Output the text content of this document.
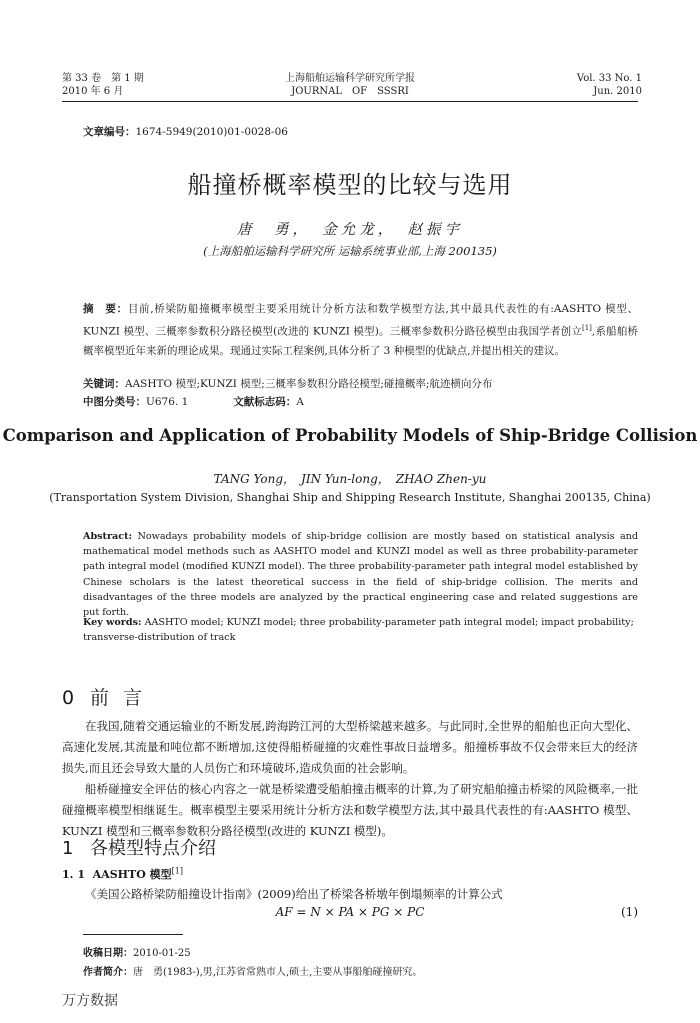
第 33 卷　第 1 期
2010 年 6 月
上海船舶运输科学研究所学报
JOURNAL　OF　SSSRI
Vol. 33 No. 1
Jun. 2010
文章编号：1674-5949(2010)01-0028-06
船撞桥概率模型的比较与选用
唐　勇，　金允龙，　赵振宇
(上海船舶运输科学研究所 运输系统事业部,上海 200135)
摘　要：目前,桥梁防船撞概率模型主要采用统计分析方法和数学模型方法,其中最具代表性的有:AASHTO 模型、KUNZI 模型、三概率参数积分路径模型(改进的 KUNZI 模型)。三概率参数积分路径模型由我国学者创立[1],系船舶桥概率模型近年来新的理论成果。现通过实际工程案例,具体分析了 3 种模型的优缺点,并提出相关的建议。
关键词：AASHTO 模型;KUNZI 模型;三概率参数积分路径模型;碰撞概率;航迹横向分布
中图分类号：U676. 1	文献标志码：A
Comparison and Application of Probability Models of Ship-Bridge Collision
TANG Yong，　JIN Yun-long，　ZHAO Zhen-yu
(Transportation System Division, Shanghai Ship and Shipping Research Institute, Shanghai 200135, China)
Abstract: Nowadays probability models of ship-bridge collision are mostly based on statistical analysis and mathematical model methods such as AASHTO model and KUNZI model as well as three probability-parameter path integral model (modified KUNZI model). The three probability-parameter path integral model established by Chinese scholars is the latest theoretical success in the field of ship-bridge collision. The merits and disadvantages of the three models are analyzed by the practical engineering case and related suggestions are put forth.
Key words: AASHTO model; KUNZI model; three probability-parameter path integral model; impact probability; transverse-distribution of track
0 前言
在我国,随着交通运输业的不断发展,跨海跨江河的大型桥梁越来越多。与此同时,全世界的船舶也正向大型化、高速化发展,其流量和吨位都不断增加,这使得船桥碰撞的灾难性事故日益增多。船撞桥事故不仅会带来巨大的经济损失,而且还会导致大量的人员伤亡和环境破坏,造成负面的社会影响。
船桥碰撞安全评估的核心内容之一就是桥梁遭受船舶撞击概率的计算,为了研究船舶撞击桥梁的风险概率,一批碰撞概率模型相继诞生。概率模型主要采用统计分析方法和数学模型方法,其中最具代表性的有:AASHTO 模型、KUNZI 模型和三概率参数积分路径模型(改进的 KUNZI 模型)。
1 各模型特点介绍
1. 1 AASHTO 模型[1]
《美国公路桥梁防船撞设计指南》(2009)给出了桥梁各桥墩年倒塌频率的计算公式
AF = N × PA × PG × PC	(1)
收稿日期：2010-01-25
作者简介：唐　勇(1983-),男,江苏省常熟市人,硕士,主要从事船舶碰撞研究。
万方数据
